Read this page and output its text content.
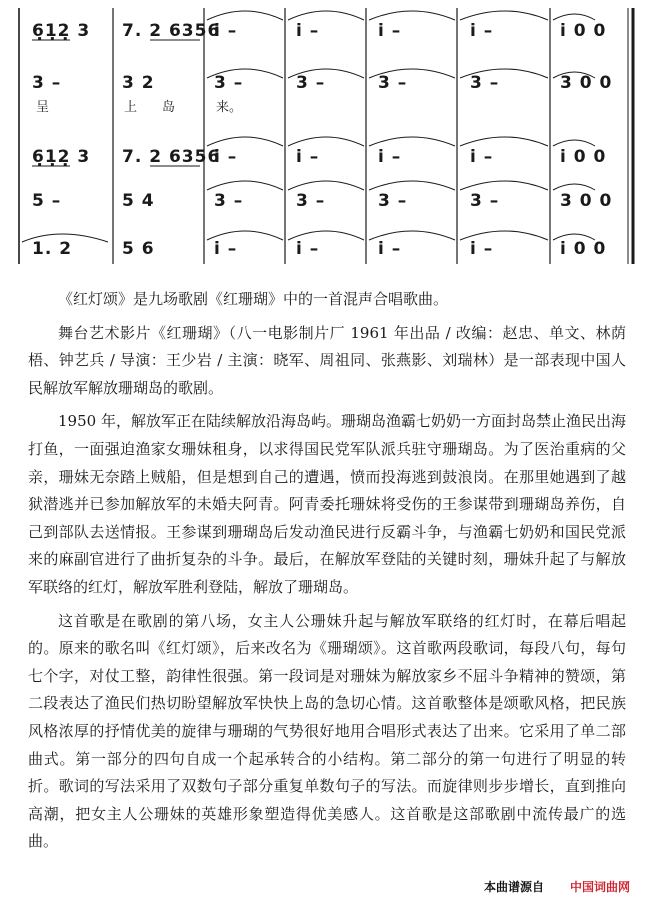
6̣1̣2̣ 3 7. 2 6356
i –	i –	i –	i –	i 0 0
3 –	3 2	3 –	3 –	3 –	3 –	3 0 0
呈	上 岛	来。
6̣1̣2̣ 3 7. 2 6356
i –	i –	i –	i –	i 0 0
5 –	5 4	3 –	3 –	3 –	3 –	3 0 0
1. 2	5 6	i –	i –	i –	i –	i 0 0

《红灯颂》是九场歌剧《红珊瑚》中的一首混声合唱歌曲。

舞台艺术影片《红珊瑚》（八一电影制片厂 1961 年出品 / 改编：赵忠、单文、林荫梧、钟艺兵 / 导演：王少岩 / 主演：晓军、周祖同、张燕影、刘瑞林）是一部表现中国人民解放军解放珊瑚岛的歌剧。

1950 年，解放军正在陆续解放沿海岛屿。珊瑚岛渔霸七奶奶一方面封岛禁止渔民出海打鱼，一面强迫渔家女珊妹租身，以求得国民党军队派兵驻守珊瑚岛。为了医治重病的父亲，珊妹无奈踏上贼船，但是想到自己的遭遇，愤而投海逃到鼓浪岗。在那里她遇到了越狱潜逃并已参加解放军的未婚夫阿青。阿青委托珊妹将受伤的王参谋带到珊瑚岛养伤，自己到部队去送情报。王参谋到珊瑚岛后发动渔民进行反霸斗争，与渔霸七奶奶和国民党派来的麻副官进行了曲折复杂的斗争。最后，在解放军登陆的关键时刻，珊妹升起了与解放军联络的红灯，解放军胜利登陆，解放了珊瑚岛。

这首歌是在歌剧的第八场，女主人公珊妹升起与解放军联络的红灯时，在幕后唱起的。原来的歌名叫《红灯颂》，后来改名为《珊瑚颂》。这首歌两段歌词，每段八句，每句七个字，对仗工整，韵律性很强。第一段词是对珊妹为解放家乡不屈斗争精神的赞颂，第二段表达了渔民们热切盼望解放军快快上岛的急切心情。这首歌整体是颂歌风格，把民族风格浓厚的抒情优美的旋律与珊瑚的气势很好地用合唱形式表达了出来。它采用了单二部曲式。第一部分的四句自成一个起承转合的小结构。第二部分的第一句进行了明显的转折。歌词的写法采用了双数句子部分重复单数句子的写法。而旋律则步步增长，直到推向高潮，把女主人公珊妹的英雄形象塑造得优美感人。这首歌是这部歌剧中流传最广的选曲。

本曲谱源自 中国词曲网
